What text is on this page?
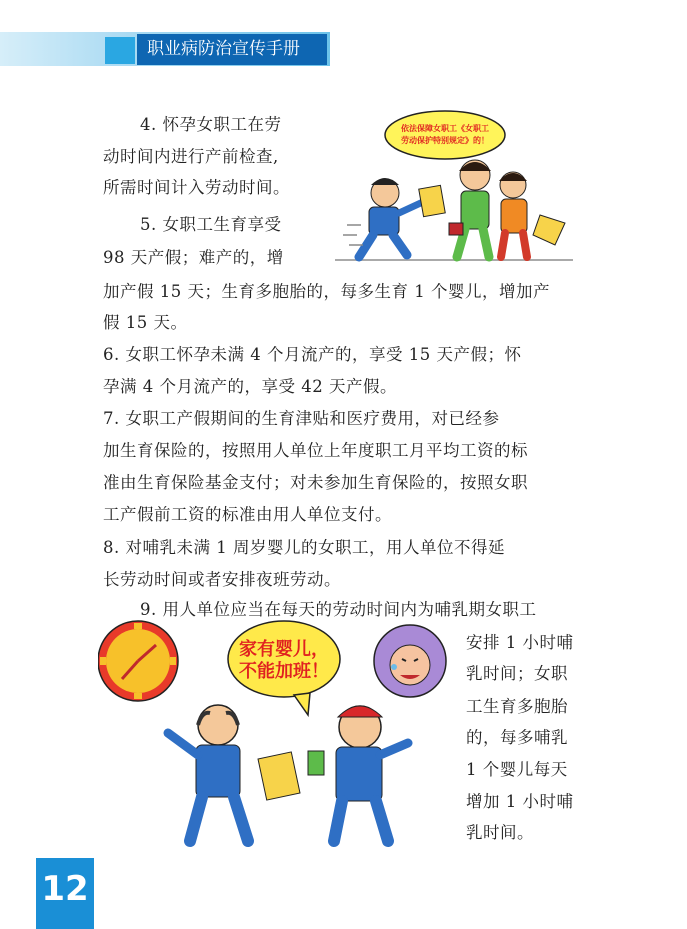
职业病防治宣传手册
4. 怀孕女职工在劳
动时间内进行产前检查,
所需时间计入劳动时间。
5. 女职工生育享受
98 天产假；难产的，增
加产假 15 天；生育多胞胎的，每多生育 1 个婴儿，增加产
假 15 天。
6. 女职工怀孕未满 4 个月流产的，享受 15 天产假；怀
孕满 4 个月流产的，享受 42 天产假。
7. 女职工产假期间的生育津贴和医疗费用，对已经参
加生育保险的，按照用人单位上年度职工月平均工资的标
准由生育保险基金支付；对未参加生育保险的，按照女职
工产假前工资的标准由用人单位支付。
8. 对哺乳未满 1 周岁婴儿的女职工，用人单位不得延
长劳动时间或者安排夜班劳动。
9. 用人单位应当在每天的劳动时间内为哺乳期女职工
安排 1 小时哺
乳时间；女职
工生育多胞胎
的，每多哺乳
1 个婴儿每天
增加 1 小时哺
乳时间。
依法保障女职工《女职工
劳动保护特别规定》的！
家有婴儿，
不能加班！
12
